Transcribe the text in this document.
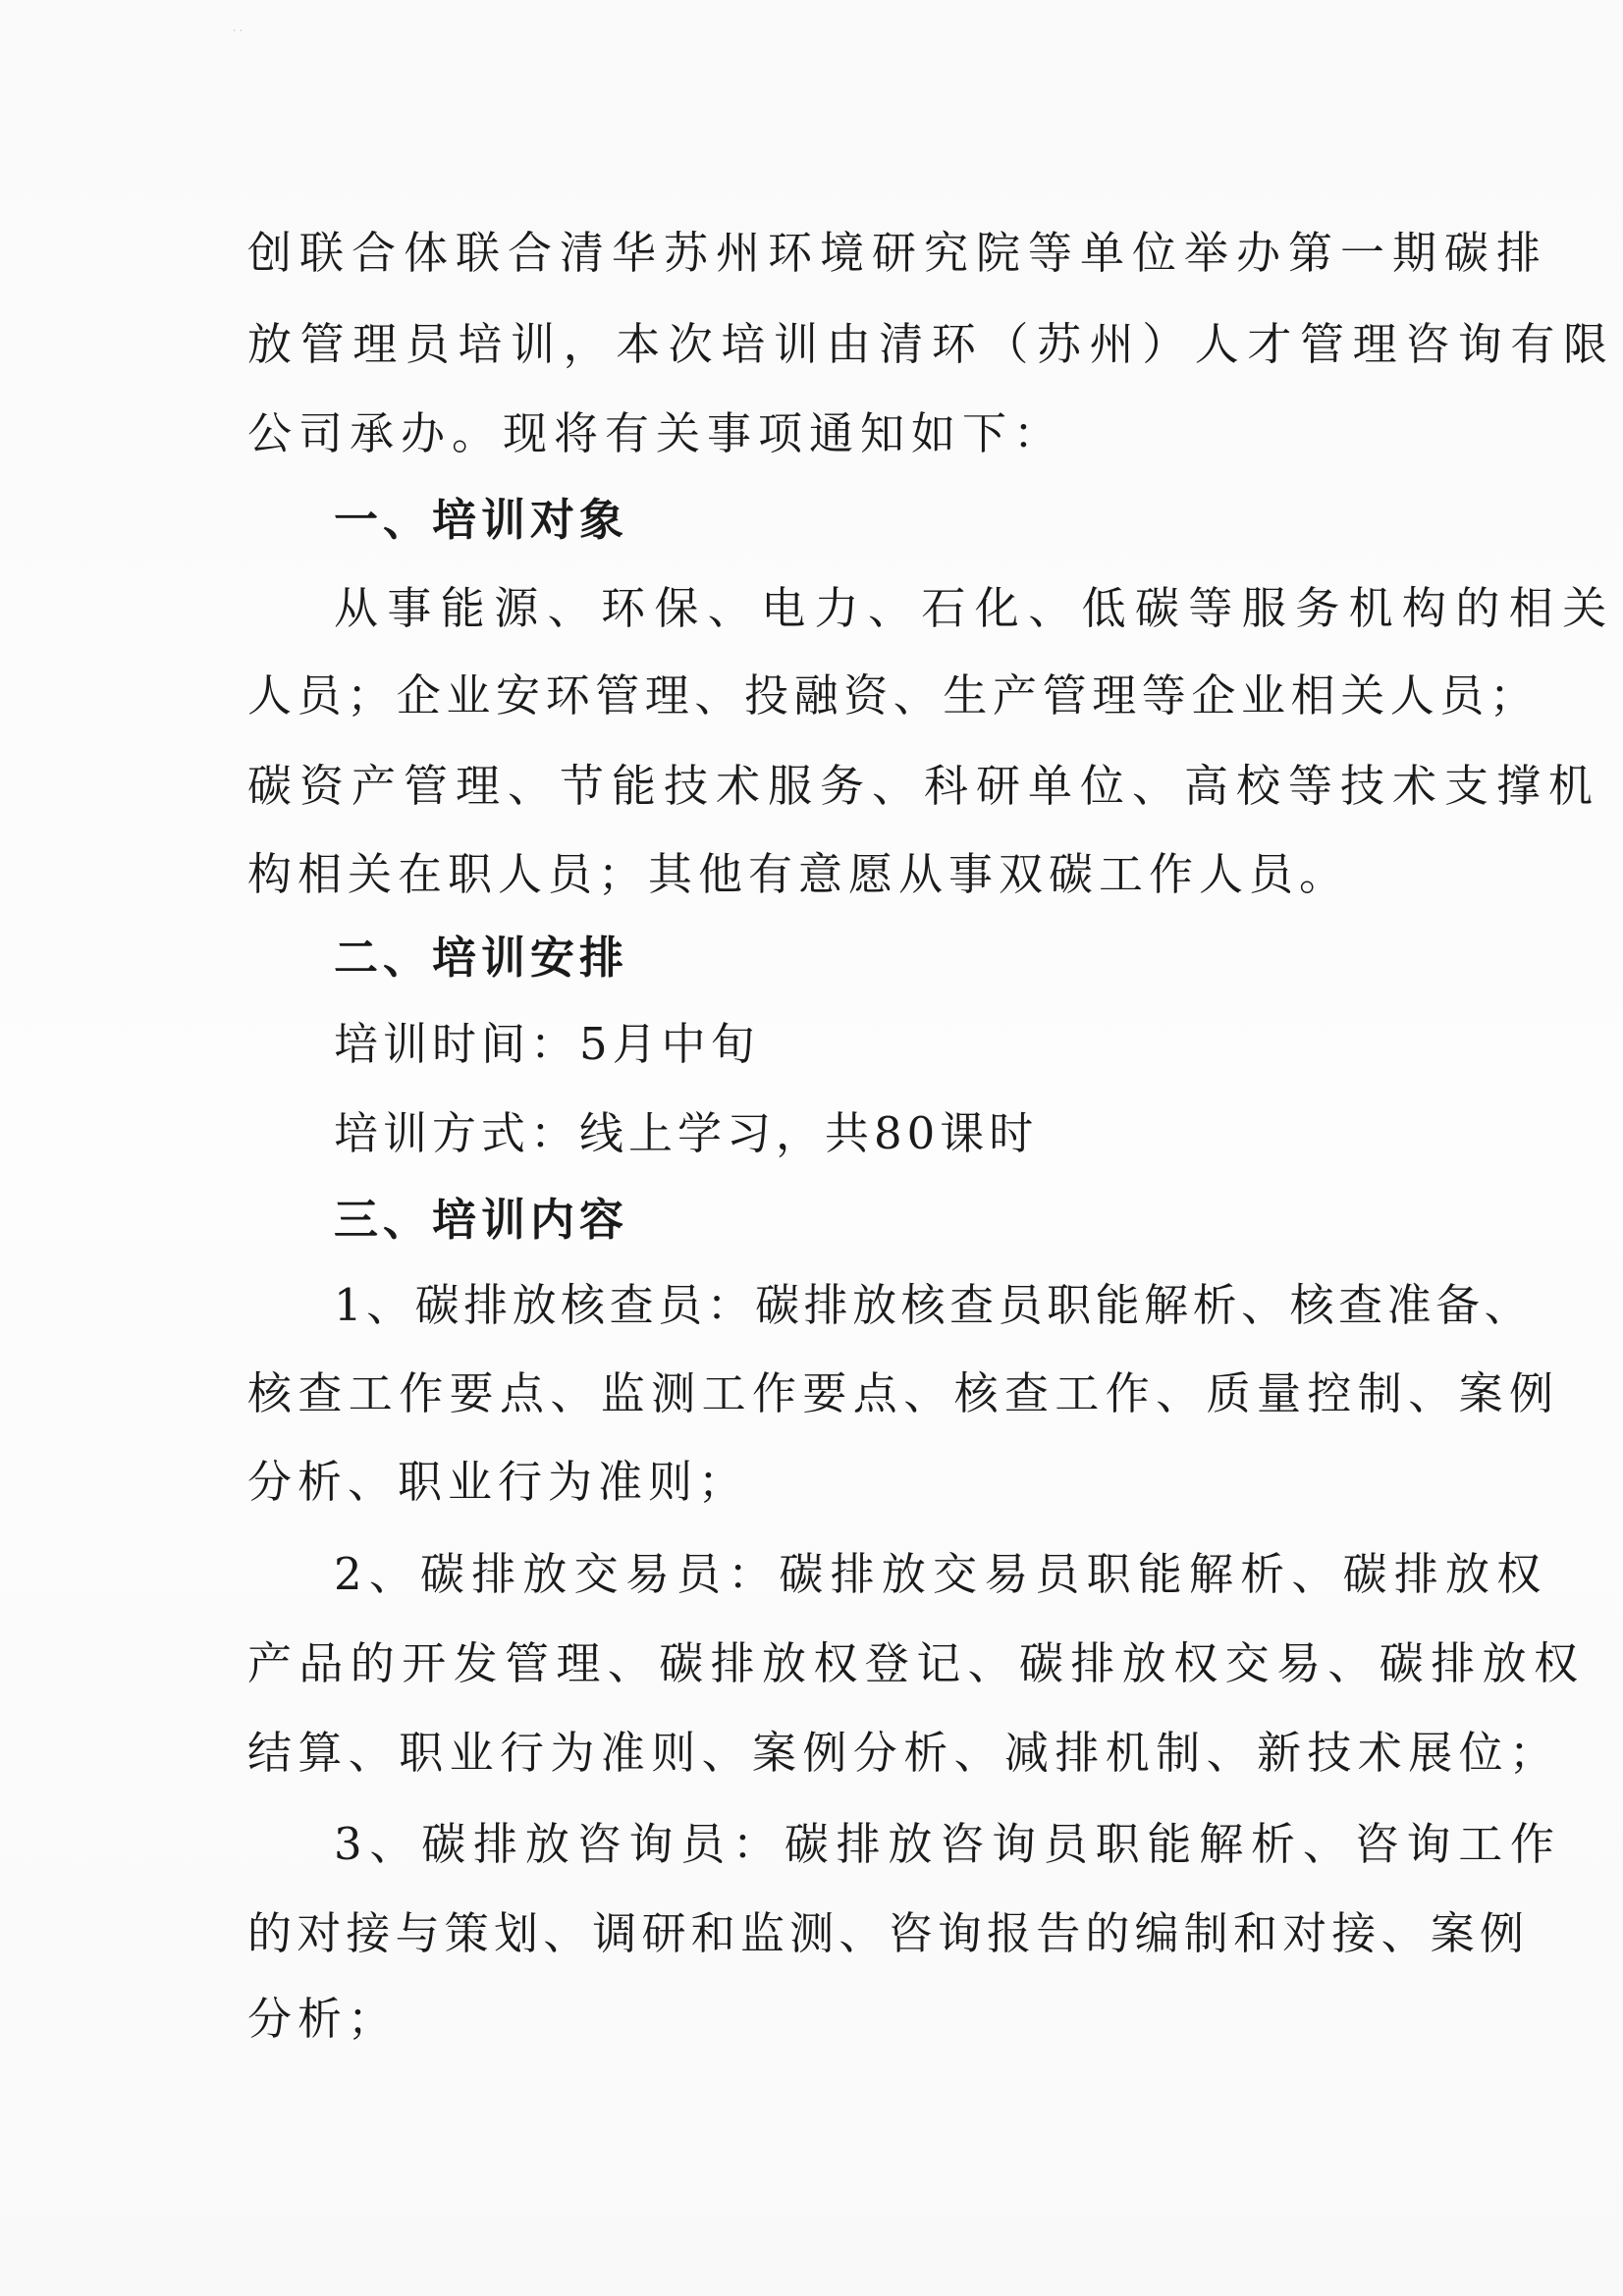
˙˙
创联合体联合清华苏州环境研究院等单位举办第一期碳排
放管理员培训，本次培训由清环（苏州）人才管理咨询有限
公司承办。现将有关事项通知如下：
一、培训对象
从事能源、环保、电力、石化、低碳等服务机构的相关
人员；企业安环管理、投融资、生产管理等企业相关人员；
碳资产管理、节能技术服务、科研单位、高校等技术支撑机
构相关在职人员；其他有意愿从事双碳工作人员。
二、培训安排
培训时间：5月中旬
培训方式：线上学习，共80课时
三、培训内容
1、碳排放核查员：碳排放核查员职能解析、核查准备、
核查工作要点、监测工作要点、核查工作、质量控制、案例
分析、职业行为准则；
2、碳排放交易员：碳排放交易员职能解析、碳排放权
产品的开发管理、碳排放权登记、碳排放权交易、碳排放权
结算、职业行为准则、案例分析、减排机制、新技术展位；
3、碳排放咨询员：碳排放咨询员职能解析、咨询工作
的对接与策划、调研和监测、咨询报告的编制和对接、案例
分析；
